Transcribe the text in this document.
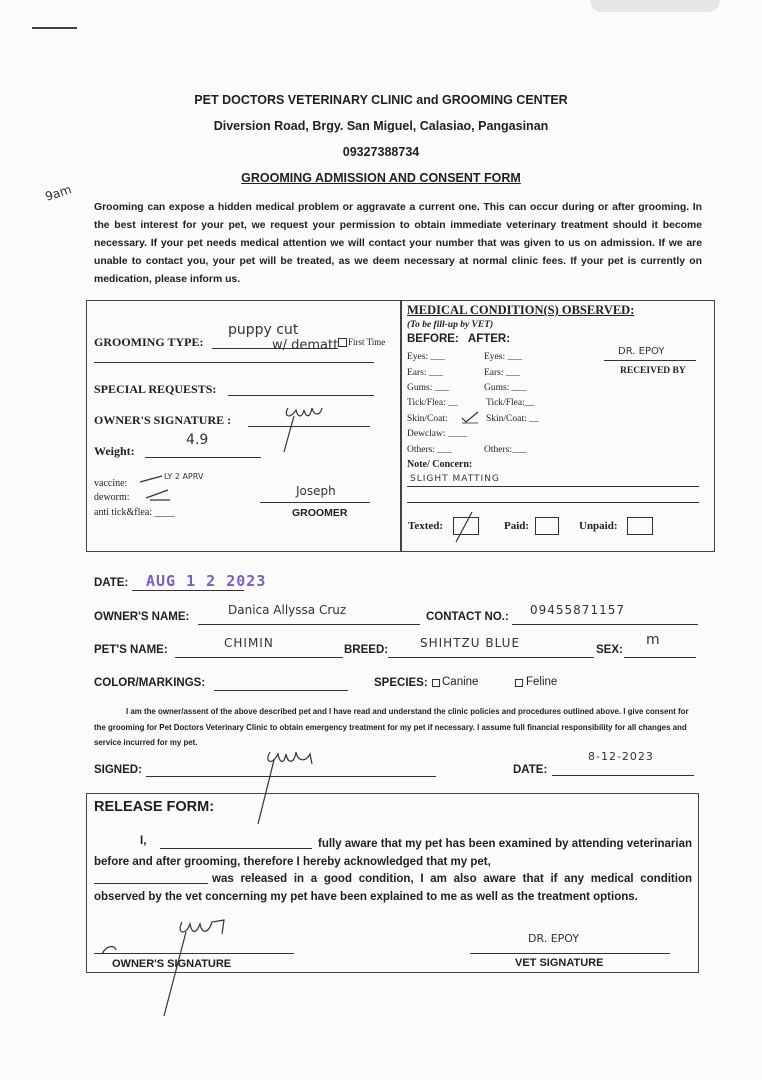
PET DOCTORS VETERINARY CLINIC and GROOMING CENTER
Diversion Road, Brgy. San Miguel, Calasiao, Pangasinan
09327388734
GROOMING ADMISSION AND CONSENT FORM
9am
Grooming can expose a hidden medical problem or aggravate a current one. This can occur during or after grooming. In the best interest for your pet, we request your permission to obtain immediate veterinary treatment should it become necessary. If your pet needs medical attention we will contact your number that was given to us on admission. If we are unable to contact you, your pet will be treated, as we deem necessary at normal clinic fees. If your pet is currently on medication, please inform us.
GROOMING TYPE:
puppy cut
w/ dematt First Time
SPECIAL REQUESTS:
OWNER'S SIGNATURE :
Weight:
4.9
vaccine:
LY 2 APRV
deworm:
anti tick&flea: ____
Joseph
GROOMER
MEDICAL CONDITION(S) OBSERVED:
(To be fill-up by VET)
BEFORE:   AFTER:
Eyes: ___	Eyes: ___
Ears: ___	Ears: ___
Gums: ___	Gums: ___
Tick/Flea: __	Tick/Flea:__
Skin/Coat:	Skin/Coat: __
Dewclaw: ____
Others: ___	Others:___
Note/ Concern:
SLIGHT MATTING
DR. EPOY
RECEIVED BY
Texted:	Paid:	Unpaid:
DATE: AUG 1 2 2023
OWNER'S NAME:	Danica Allyssa Cruz	CONTACT NO.: 09455871157
PET'S NAME:	CHIMIN	BREED:	SHIHTZU BLUE	SEX:
m
COLOR/MARKINGS:	SPECIES: Canine	Feline
I am the owner/assent of the above described pet and I have read and understand the clinic policies and procedures outlined above. I give consent for the grooming for Pet Doctors Veterinary Clinic to obtain emergency treatment for my pet if necessary. I assume full financial responsibility for all changes and service incurred for my pet.
SIGNED:	DATE:
8-12-2023
RELEASE FORM:
I,	fully aware that my pet has been examined by attending veterinarian before and after grooming, therefore I hereby acknowledged that my pet,
was released in a good condition, I am also aware that if any medical condition observed by the vet concerning my pet have been explained to me as well as the treatment options.
OWNER'S SIGNATURE
DR. EPOY
VET SIGNATURE
